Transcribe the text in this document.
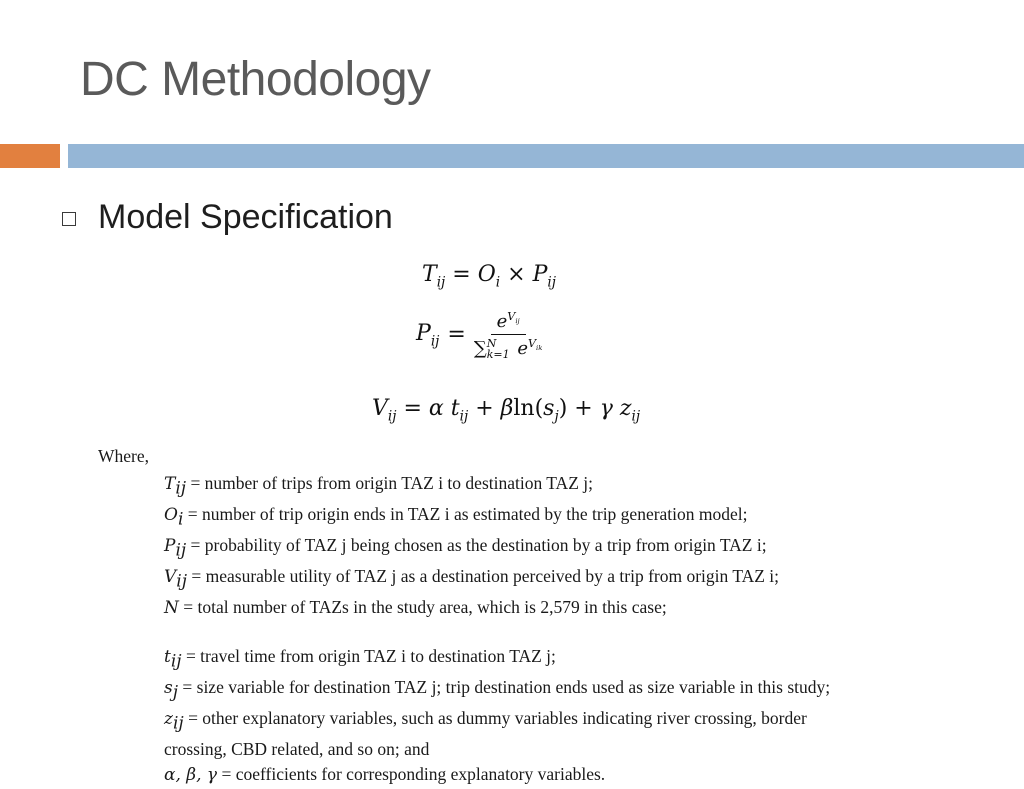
DC Methodology
Model Specification
$T_{ij} = O_i \times P_{ij}$
$P_{ij} = e^{V_{ij}}$
∑ N
k=1 $e^{V_{ik}}$
$V_{ij} = \alpha$ $t_{ij} + \beta\ln(s_j) + \gamma$ $z_{ij}$
Where,
$T_{ij}$ = number of trips from origin TAZ i to destination TAZ j;
$O_i$ = number of trip origin ends in TAZ i as estimated by the trip generation model;
$P_{ij}$ = probability of TAZ j being chosen as the destination by a trip from origin TAZ i;
$V_{ij}$ = measurable utility of TAZ j as a destination perceived by a trip from origin TAZ i;
N = total number of TAZs in the study area, which is 2,579 in this case;
$t_{ij}$ = travel time from origin TAZ i to destination TAZ j;
$s_j$ = size variable for destination TAZ j; trip destination ends used as size variable in this study;
$z_{ij}$ = other explanatory variables, such as dummy variables indicating river crossing, border
crossing, CBD related, and so on; and
α, β, γ = coefficients for corresponding explanatory variables.
